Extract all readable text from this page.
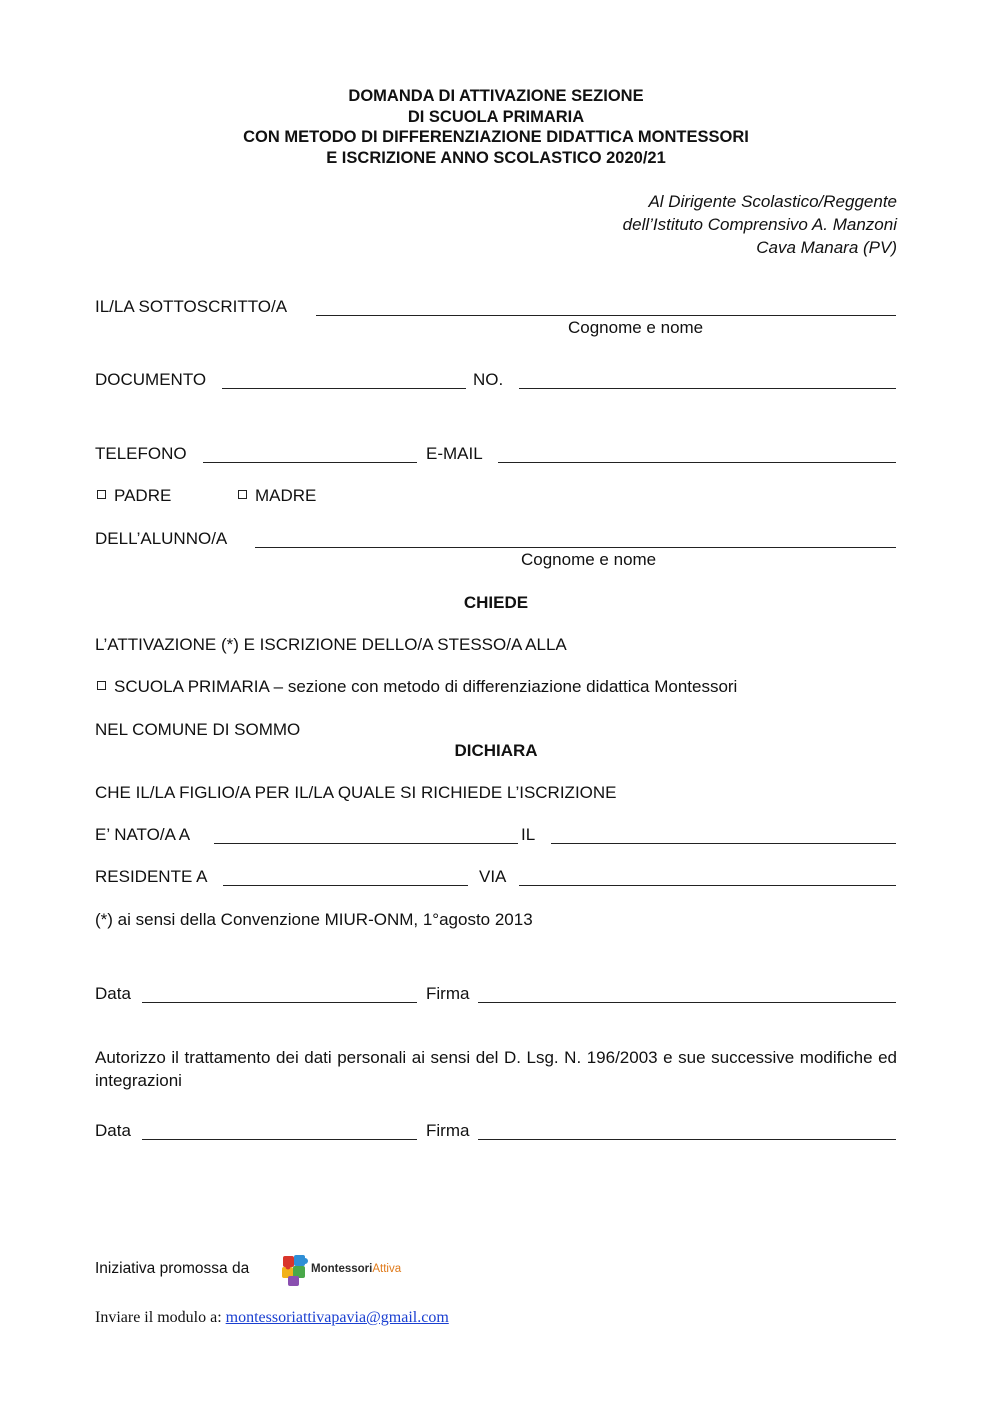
DOMANDA DI ATTIVAZIONE SEZIONE
DI SCUOLA PRIMARIA
CON METODO DI DIFFERENZIAZIONE DIDATTICA MONTESSORI
E ISCRIZIONE ANNO SCOLASTICO 2020/21
Al Dirigente Scolastico/Reggente
dell’Istituto Comprensivo A. Manzoni
Cava Manara (PV)
IL/LA SOTTOSCRITTO/A
Cognome e nome
DOCUMENTO	NO.
TELEFONO	E-MAIL
PADRE	MADRE
DELL’ALUNNO/A
Cognome e nome
CHIEDE
L’ATTIVAZIONE (*) E ISCRIZIONE DELLO/A STESSO/A ALLA
SCUOLA PRIMARIA – sezione con metodo di differenziazione didattica Montessori
NEL COMUNE DI SOMMO
DICHIARA
CHE IL/LA FIGLIO/A PER IL/LA QUALE SI RICHIEDE L’ISCRIZIONE
E’ NATO/A A	IL
RESIDENTE A	VIA
(*) ai sensi della Convenzione MIUR-ONM, 1°agosto 2013
Data	Firma
Autorizzo il trattamento dei dati personali ai sensi del D. Lsg. N. 196/2003 e sue successive modifiche ed integrazioni
Data	Firma
Iniziativa promossa da	MontessoriAttiva
Inviare il modulo a: montessoriattivapavia@gmail.com
